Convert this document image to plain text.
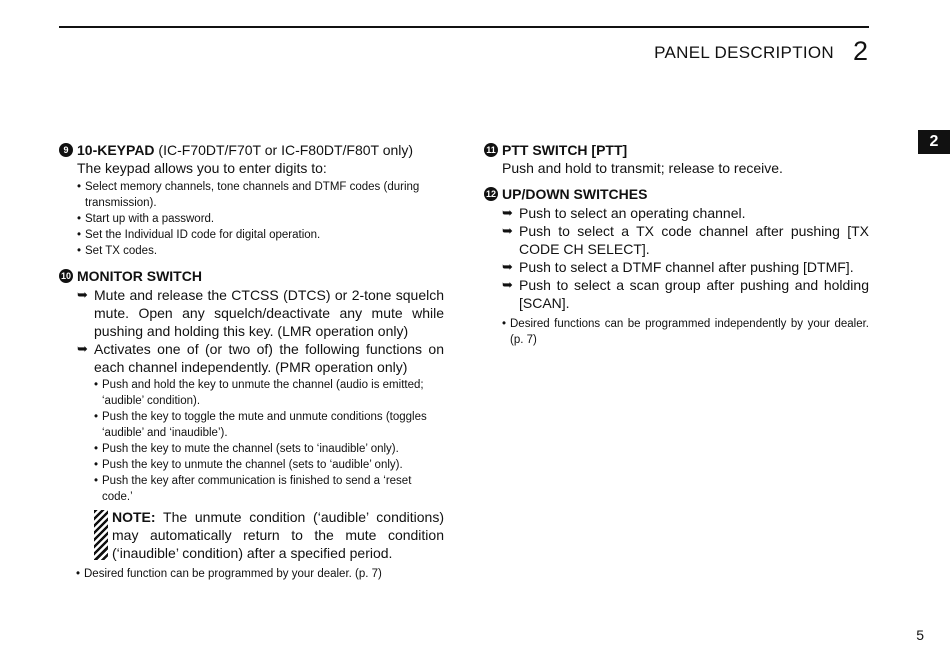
PANEL DESCRIPTION 2
2
5
9 10-KEYPAD (IC-F70DT/F70T or IC-F80DT/F80T only)
The keypad allows you to enter digits to:
• Select memory channels, tone channels and DTMF codes (during transmission).
• Start up with a password.
• Set the Individual ID code for digital operation.
• Set TX codes.
10 MONITOR SWITCH
➥ Mute and release the CTCSS (DTCS) or 2-tone squelch mute. Open any squelch/deactivate any mute while pushing and holding this key. (LMR operation only)
➥ Activates one of (or two of) the following functions on each channel independently. (PMR operation only)
• Push and hold the key to unmute the channel (audio is emitted; ‘audible’ condition).
• Push the key to toggle the mute and unmute conditions (toggles ‘audible’ and ‘inaudible’).
• Push the key to mute the channel (sets to ‘inaudible’ only).
• Push the key to unmute the channel (sets to ‘audible’ only).
• Push the key after communication is finished to send a ‘reset code.’
NOTE: The unmute condition (‘audible’ conditions) may automatically return to the mute condition (‘inaudible’ condition) after a specified period.
• Desired function can be programmed by your dealer. (p. 7)
11 PTT SWITCH [PTT]
Push and hold to transmit; release to receive.
12 UP/DOWN SWITCHES
➥ Push to select an operating channel.
➥ Push to select a TX code channel after pushing [TX CODE CH SELECT].
➥ Push to select a DTMF channel after pushing [DTMF].
➥ Push to select a scan group after pushing and holding [SCAN].
• Desired functions can be programmed independently by your dealer. (p. 7)
